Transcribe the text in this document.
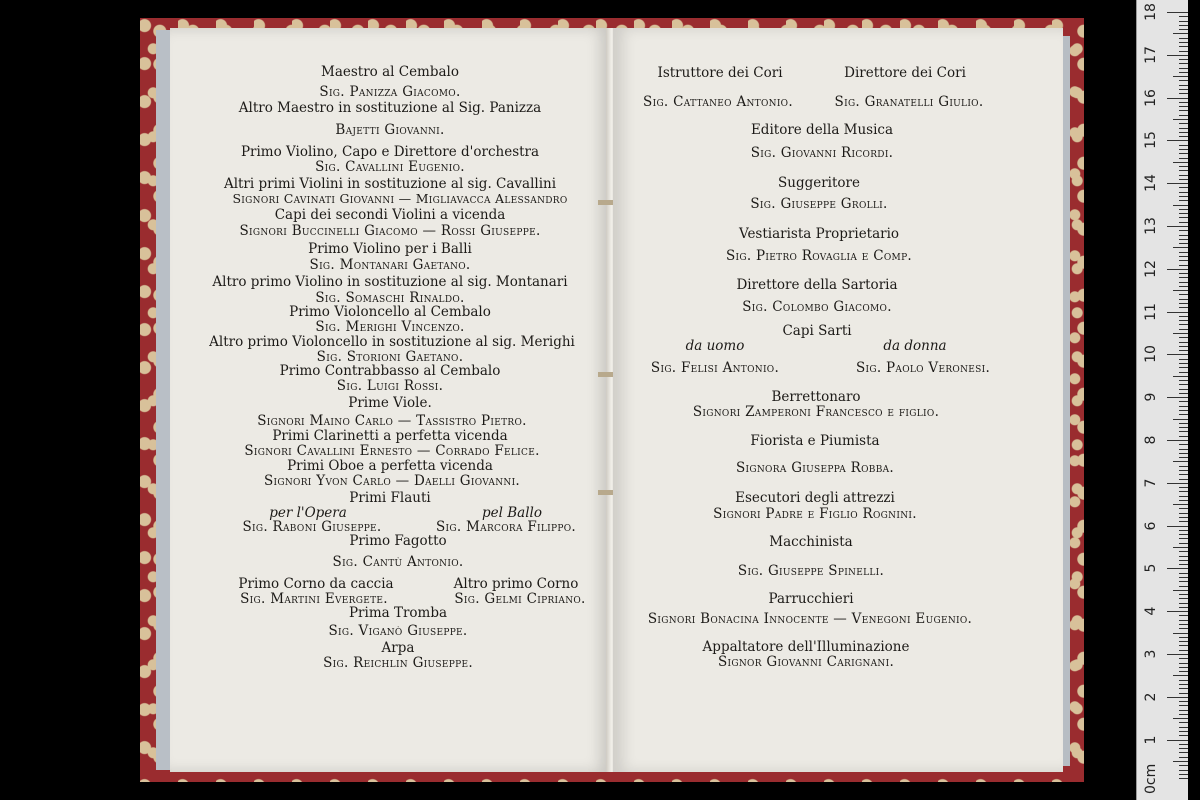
Maestro al Cembalo
Sig. Panizza Giacomo.
Altro Maestro in sostituzione al Sig. Panizza
Bajetti Giovanni.
Primo Violino, Capo e Direttore d'orchestra
Sig. Cavallini Eugenio.
Altri primi Violini in sostituzione al sig. Cavallini
Signori Cavinati Giovanni — Migliavacca Alessandro
Capi dei secondi Violini a vicenda
Signori Buccinelli Giacomo — Rossi Giuseppe.
Primo Violino per i Balli
Sig. Montanari Gaetano.
Altro primo Violino in sostituzione al sig. Montanari
Sig. Somaschi Rinaldo.
Primo Violoncello al Cembalo
Sig. Merighi Vincenzo.
Altro primo Violoncello in sostituzione al sig. Merighi
Sig. Storioni Gaetano.
Primo Contrabbasso al Cembalo
Sig. Luigi Rossi.
Prime Viole.
Signori Maino Carlo — Tassistro Pietro.
Primi Clarinetti a perfetta vicenda
Signori Cavallini Ernesto — Corrado Felice.
Primi Oboe a perfetta vicenda
Signori Yvon Carlo — Daelli Giovanni.
Primi Flauti
per l'Opera	pel Ballo
Sig. Raboni Giuseppe.	Sig. Marcora Filippo.
Primo Fagotto
Sig. Cantù Antonio.
Primo Corno da caccia	Altro primo Corno
Sig. Martini Evergete.	Sig. Gelmi Cipriano.
Prima Tromba
Sig. Viganò Giuseppe.
Arpa
Sig. Reichlin Giuseppe.
Istruttore dei Cori	Direttore dei Cori
Sig. Cattaneo Antonio.	Sig. Granatelli Giulio.
Editore della Musica
Sig. Giovanni Ricordi.
Suggeritore
Sig. Giuseppe Grolli.
Vestiarista Proprietario
Sig. Pietro Rovaglia e Comp.
Direttore della Sartoria
Sig. Colombo Giacomo.
Capi Sarti
da uomo	da donna
Sig. Felisi Antonio.	Sig. Paolo Veronesi.
Berrettonaro
Signori Zamperoni Francesco e figlio.
Fiorista e Piumista
Signora Giuseppa Robba.
Esecutori degli attrezzi
Signori Padre e Figlio Rognini.
Macchinista
Sig. Giuseppe Spinelli.
Parrucchieri
Signori Bonacina Innocente — Venegoni Eugenio.
Appaltatore dell'Illuminazione
Signor Giovanni Carignani.
18
17
16
15
14
13
12
11
10
9
8
7
6
5
4
3
2
1
0cm
